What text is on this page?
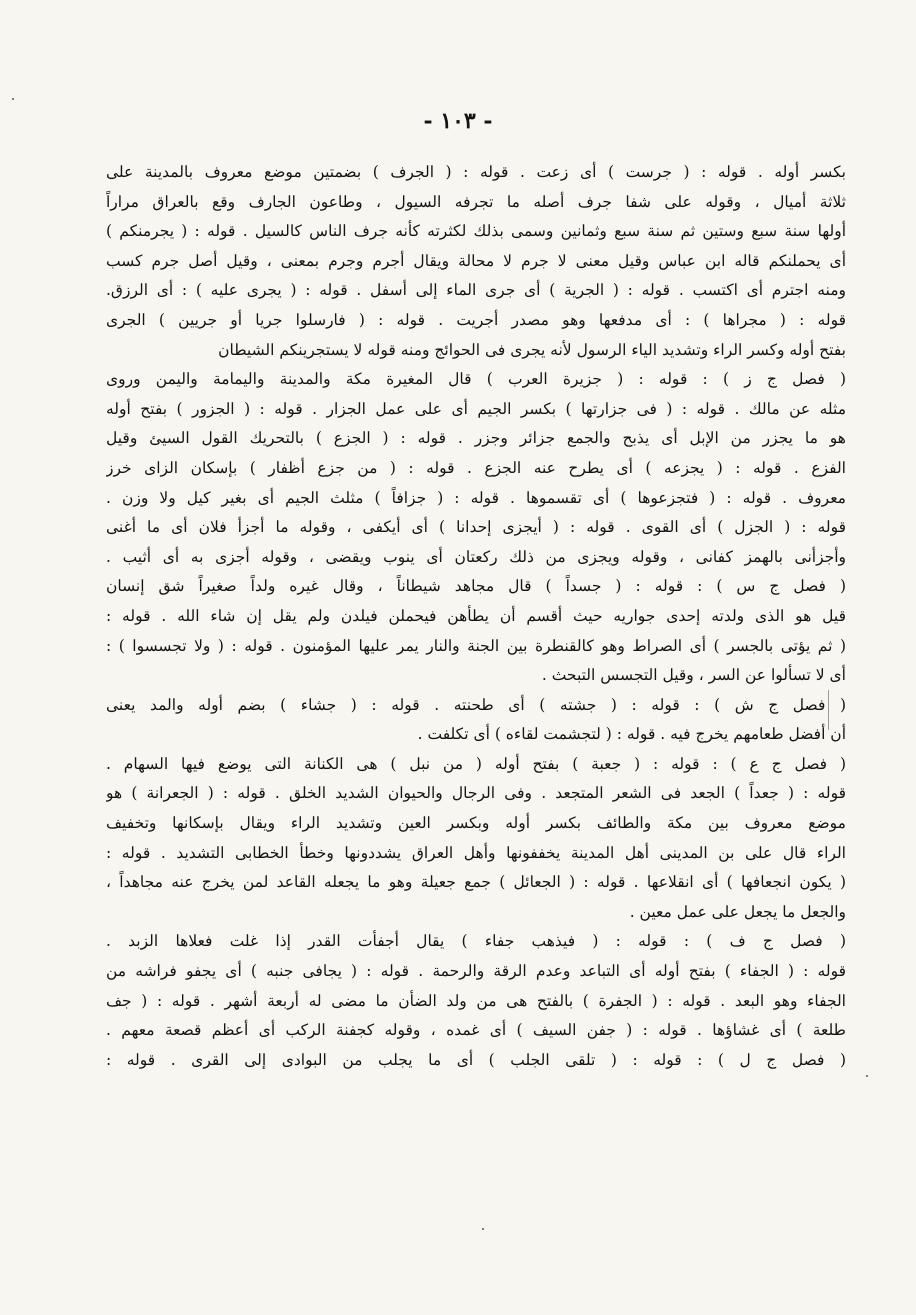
- ١٠٣ -
بكسر أوله . قوله : ( جرست ) أى زعت . قوله : ( الجرف ) بضمتين موضع معروف بالمدينة على
ثلاثة أميال ، وقوله على شفا جرف أصله ما تجرفه السيول ، وطاعون الجارف وقع بالعراق مراراً
أولها سنة سبع وستين ثم سنة سبع وثمانين وسمى بذلك لكثرته كأنه جرف الناس كالسيل . قوله : ( يجرمنكم )
أى يحملنكم قاله ابن عباس وقيل معنى لا جرم لا محالة ويقال أجرم وجرم بمعنى ، وقيل أصل جرم كسب
ومنه اجترم أى اكتسب . قوله : ( الجرية ) أى جرى الماء إلى أسفل . قوله : ( يجرى عليه ) : أى الرزق.
قوله : ( مجراها ) : أى مدفعها وهو مصدر أجريت . قوله : ( فارسلوا جريا أو جريين ) الجرى
بفتح أوله وكسر الراء وتشديد الياء الرسول لأنه يجرى فى الحوائج ومنه قوله لا يستجرينكم الشيطان
( فصل ج ز ) : قوله : ( جزيرة العرب ) قال المغيرة مكة والمدينة واليمامة واليمن وروى
مثله عن مالك . قوله : ( فى جزارتها ) بكسر الجيم أى على عمل الجزار . قوله : ( الجزور ) بفتح أوله
هو ما يجزر من الإبل أى يذبح والجمع جزائر وجزر . قوله : ( الجزع ) بالتحريك القول السيئ وقيل
الفزع . قوله : ( يجزعه ) أى يطرح عنه الجزع . قوله : ( من جزع أظفار ) بإسكان الزاى خرز
معروف . قوله : ( فتجزعوها ) أى تقسموها . قوله : ( جزافاً ) مثلث الجيم أى بغير كيل ولا وزن .
قوله : ( الجزل ) أى القوى . قوله : ( أيجزى إحدانا ) أى أيكفى ، وقوله ما أجزأ فلان أى ما أغنى
وأجزأنى بالهمز كفانى ، وقوله ويجزى من ذلك ركعتان أى ينوب ويقضى ، وقوله أجزى به أى أثيب .
( فصل ج س ) : قوله : ( جسداً ) قال مجاهد شيطاناً ، وقال غيره ولداً صغيراً شق إنسان
قيل هو الذى ولدته إحدى جواريه حيث أقسم أن يطأهن فيحملن فيلدن ولم يقل إن شاء الله . قوله :
( ثم يؤتى بالجسر ) أى الصراط وهو كالقنطرة بين الجنة والنار يمر عليها المؤمنون . قوله : ( ولا تجسسوا ) :
أى لا تسألوا عن السر ، وقيل التجسس التبحث .
( فصل ج ش ) : قوله : ( جشته ) أى طحنته . قوله : ( جشاء ) بضم أوله والمد يعنى
أن أفضل طعامهم يخرج فيه . قوله : ( لتجشمت لقاءه ) أى تكلفت .
( فصل ج ع ) : قوله : ( جعبة ) بفتح أوله ( من نبل ) هى الكنانة التى يوضع فيها السهام .
قوله : ( جعداً ) الجعد فى الشعر المتجعد . وفى الرجال والحيوان الشديد الخلق . قوله : ( الجعرانة ) هو
موضع معروف بين مكة والطائف بكسر أوله وبكسر العين وتشديد الراء ويقال بإسكانها وتخفيف
الراء قال على بن المدينى أهل المدينة يخففونها وأهل العراق يشددونها وخطأ الخطابى التشديد . قوله :
( يكون انجعافها ) أى انقلاعها . قوله : ( الجعائل ) جمع جعيلة وهو ما يجعله القاعد لمن يخرج عنه مجاهداً ،
والجعل ما يجعل على عمل معين .
( فصل ج ف ) : قوله : ( فيذهب جفاء ) يقال أجفأت القدر إذا غلت فعلاها الزبد .
قوله : ( الجفاء ) بفتح أوله أى التباعد وعدم الرقة والرحمة . قوله : ( يجافى جنبه ) أى يجفو فراشه من
الجفاء وهو البعد . قوله : ( الجفرة ) بالفتح هى من ولد الضأن ما مضى له أربعة أشهر . قوله : ( جف
طلعة ) أى غشاؤها . قوله : ( جفن السيف ) أى غمده ، وقوله كجفنة الركب أى أعظم قصعة معهم .
( فصل ج ل ) : قوله : ( تلقى الجلب ) أى ما يجلب من البوادى إلى القرى . قوله :
